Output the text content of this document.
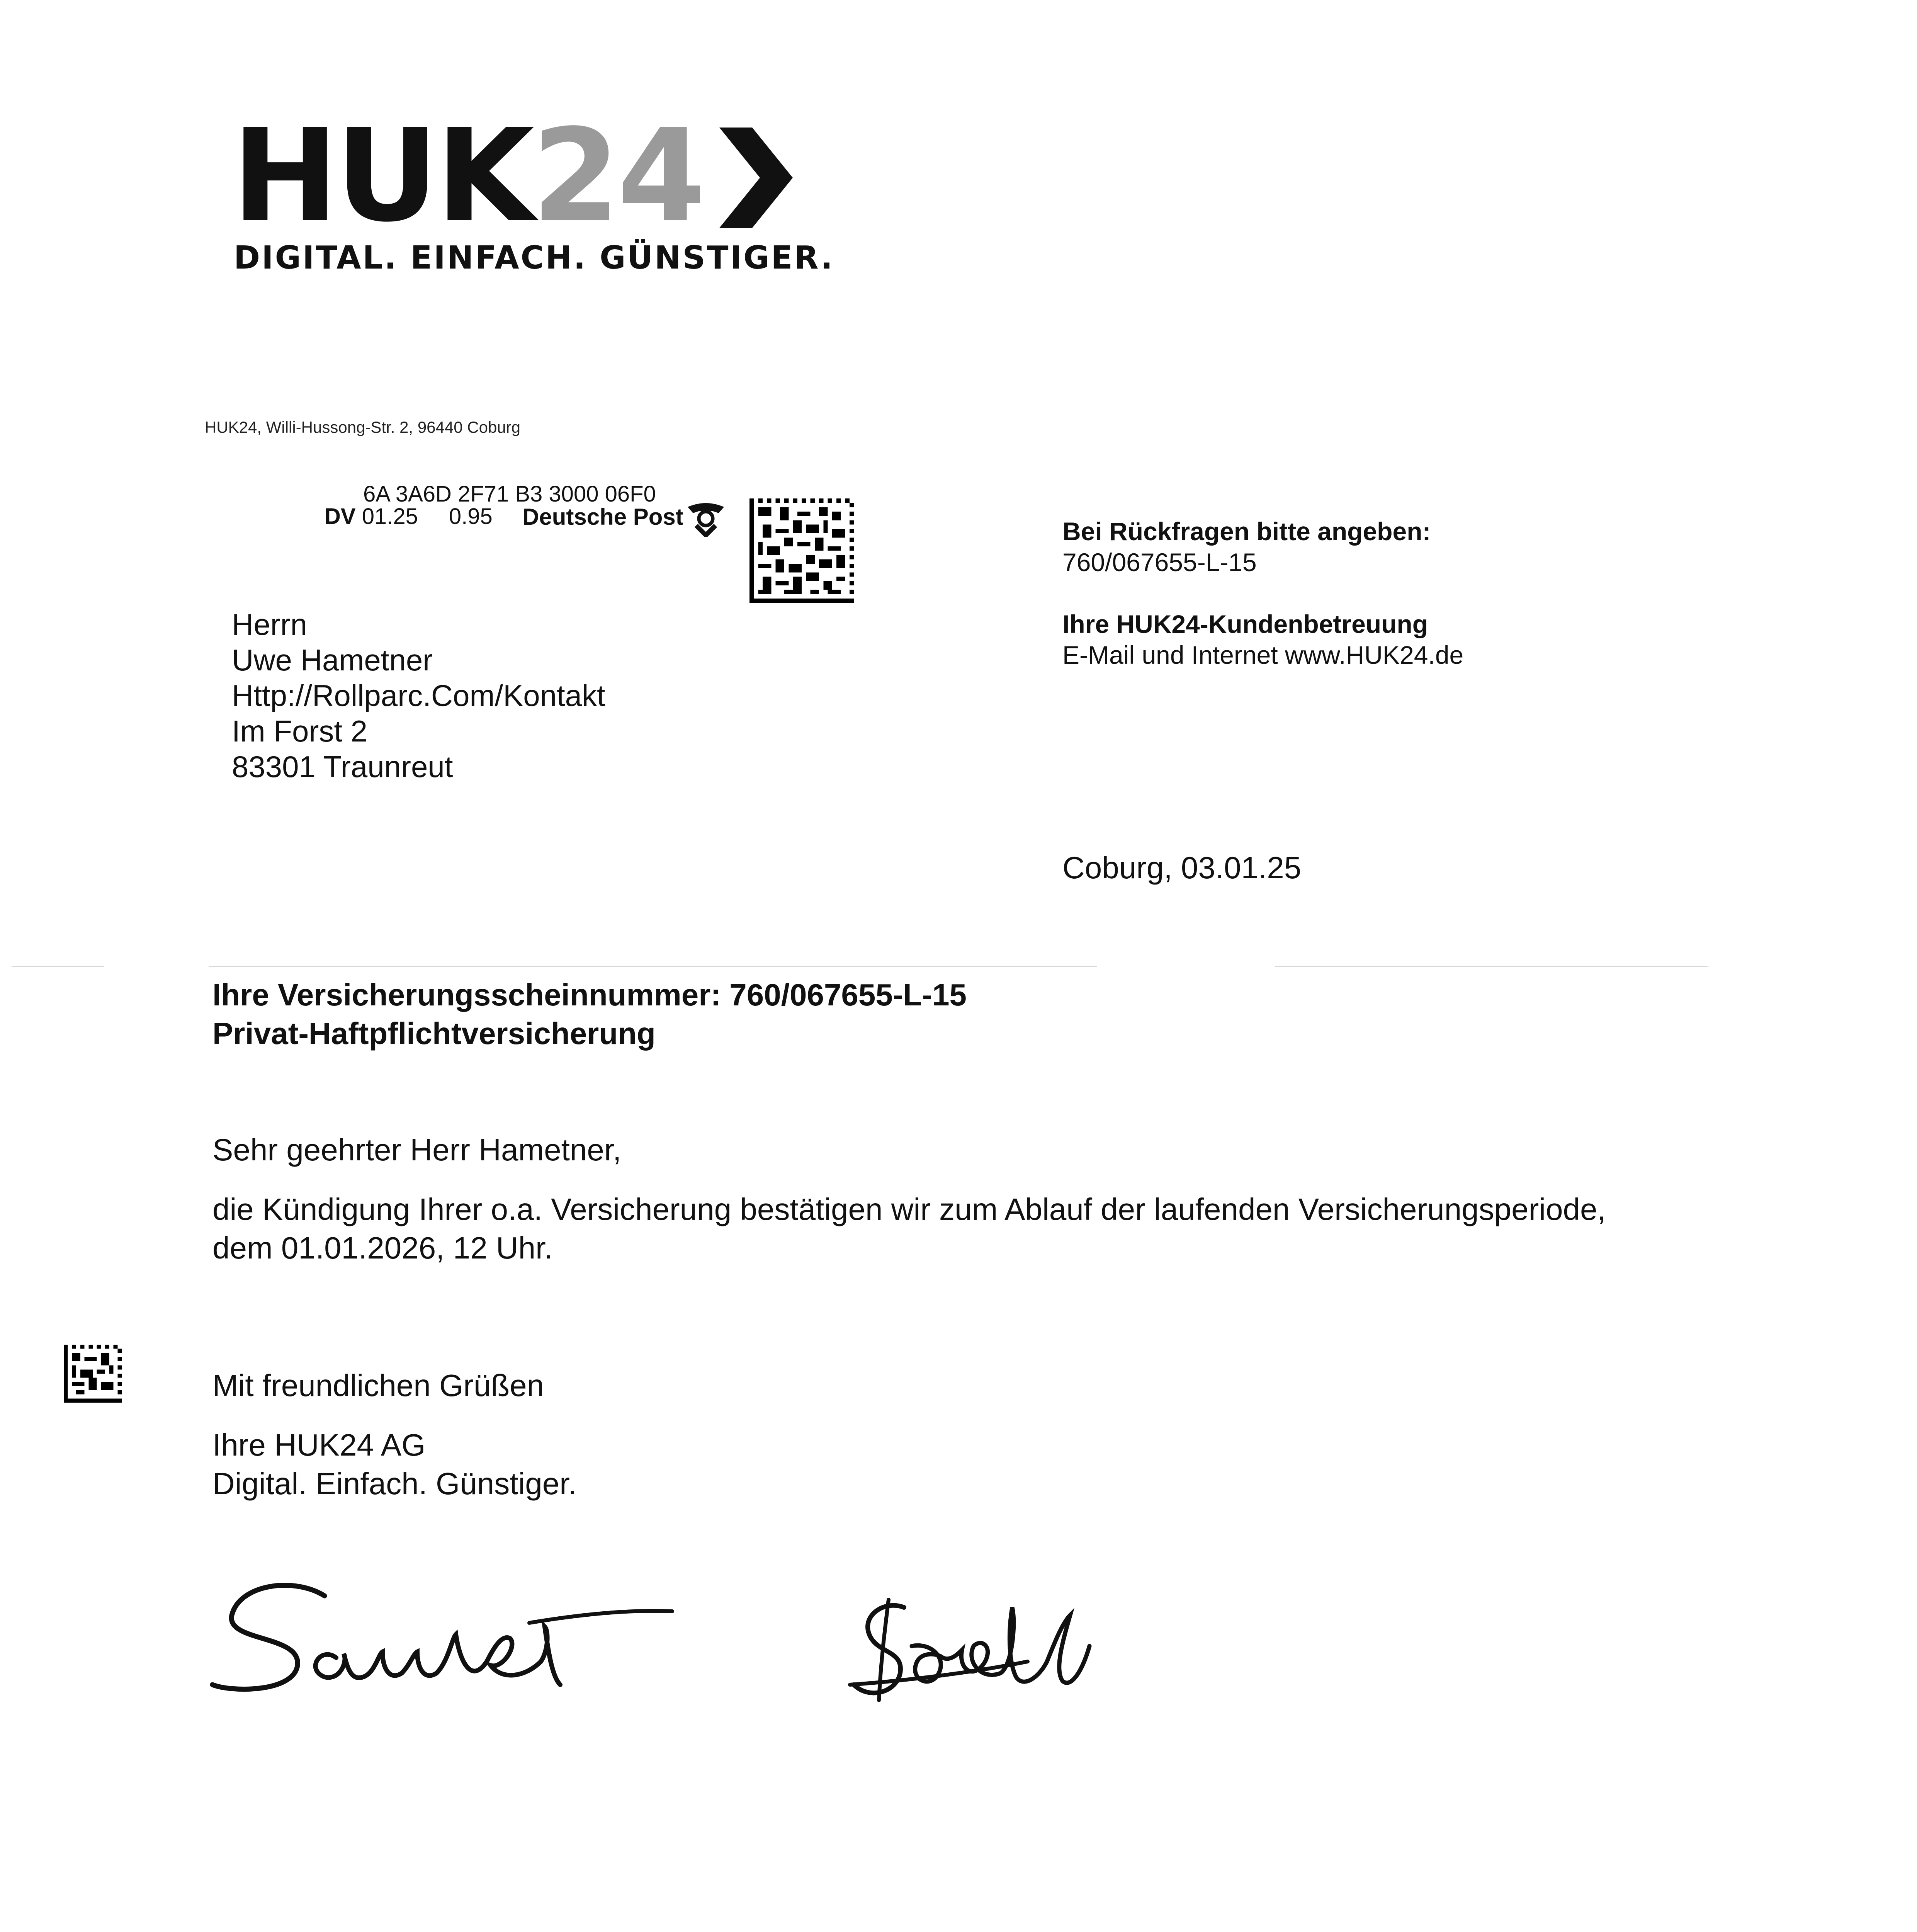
HUK24
DIGITAL. EINFACH. GÜNSTIGER.
HUK24, Willi-Hussong-Str. 2, 96440 Coburg
6A 3A6D 2F71 B3 3000 06F0
DV 01.25 0.95 Deutsche Post
Herrn
Uwe Hametner
Http://Rollparc.Com/Kontakt
Im Forst 2
83301 Traunreut
Bei Rückfragen bitte angeben:
760/067655-L-15
Ihre HUK24-Kundenbetreuung
E-Mail und Internet www.HUK24.de
Coburg, 03.01.25
Ihre Versicherungsscheinnummer: 760/067655-L-15
Privat-Haftpflichtversicherung
Sehr geehrter Herr Hametner,
die Kündigung Ihrer o.a. Versicherung bestätigen wir zum Ablauf der laufenden Versicherungsperiode,
dem 01.01.2026, 12 Uhr.
Mit freundlichen Grüßen
Ihre HUK24 AG
Digital. Einfach. Günstiger.
